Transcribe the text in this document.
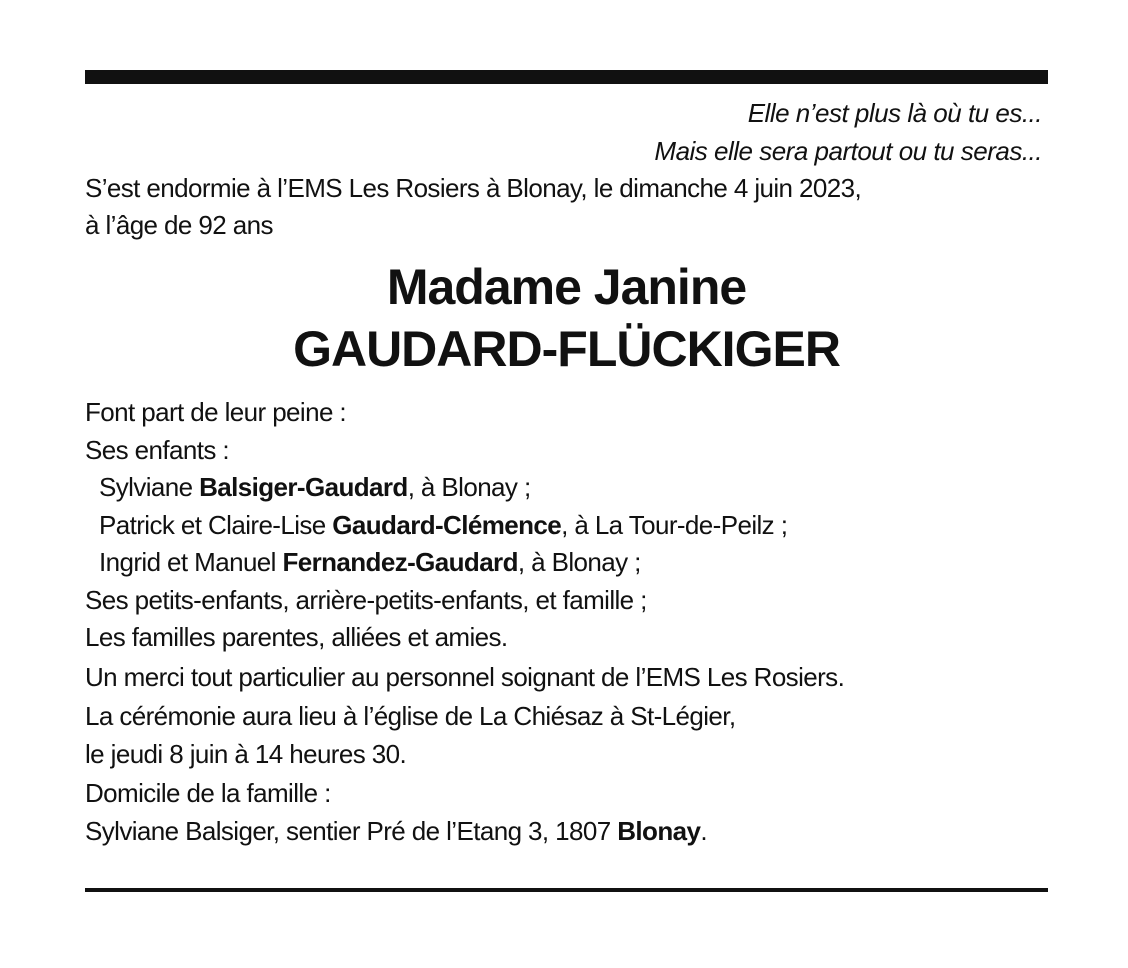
Elle n’est plus là où tu es...
Mais elle sera partout ou tu seras...
S’est endormie à l’EMS Les Rosiers à Blonay, le dimanche 4 juin 2023,
à l’âge de 92 ans
Madame Janine
GAUDARD-FLÜCKIGER
Font part de leur peine :
Ses enfants :
Sylviane Balsiger-Gaudard, à Blonay ;
Patrick et Claire-Lise Gaudard-Clémence, à La Tour-de-Peilz ;
Ingrid et Manuel Fernandez-Gaudard, à Blonay ;
Ses petits-enfants, arrière-petits-enfants, et famille ;
Les familles parentes, alliées et amies.
Un merci tout particulier au personnel soignant de l’EMS Les Rosiers.
La cérémonie aura lieu à l’église de La Chiésaz à St-Légier,
le jeudi 8 juin à 14 heures 30.
Domicile de la famille :
Sylviane Balsiger, sentier Pré de l’Etang 3, 1807 Blonay.
